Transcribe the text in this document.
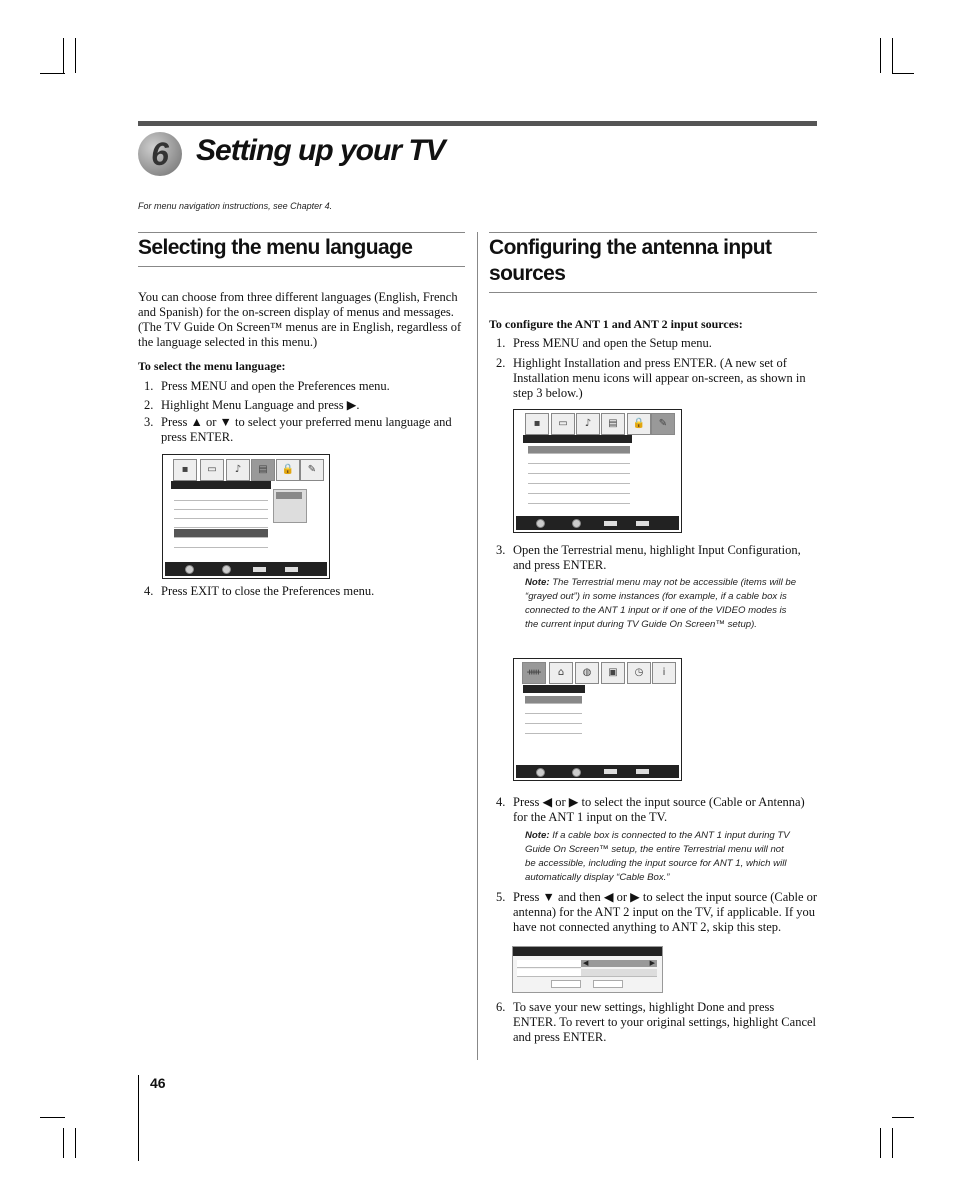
6 Setting up your TV
For menu navigation instructions, see Chapter 4.
Selecting the menu language
You can choose from three different languages (English, French and Spanish) for the on-screen display of menus and messages. (The TV Guide On Screen™ menus are in English, regardless of the language selected in this menu.)
To select the menu language:
1. Press MENU and open the Preferences menu.
2. Highlight Menu Language and press ▶.
3. Press ▲ or ▼ to select your preferred menu language and press ENTER.
▪	▭	♪	▤	🔒	✎
4. Press EXIT to close the Preferences menu.
Configuring the antenna input sources
To configure the ANT 1 and ANT 2 input sources:
1. Press MENU and open the Setup menu.
2. Highlight Installation and press ENTER. (A new set of Installation menu icons will appear on-screen, as shown in step 3 below.)
▪	▭	♪	▤	🔒	✎
3. Open the Terrestrial menu, highlight Input Configuration, and press ENTER.
Note: The Terrestrial menu may not be accessible (items will be “grayed out”) in some instances (for example, if a cable box is connected to the ANT 1 input or if one of the VIDEO modes is the current input during TV Guide On Screen™ setup).
ᚔ	⌂	◍	▣	◷	i
4. Press ◀ or ▶ to select the input source (Cable or Antenna) for the ANT 1 input on the TV.
Note: If a cable box is connected to the ANT 1 input during TV Guide On Screen™ setup, the entire Terrestrial menu will not be accessible, including the input source for ANT 1, which will automatically display “Cable Box.”
5. Press ▼ and then ◀ or ▶ to select the input source (Cable or antenna) for the ANT 2 input on the TV, if applicable. If you have not connected anything to ANT 2, skip this step.
◀	▶
6. To save your new settings, highlight Done and press ENTER. To revert to your original settings, highlight Cancel and press ENTER.
46
